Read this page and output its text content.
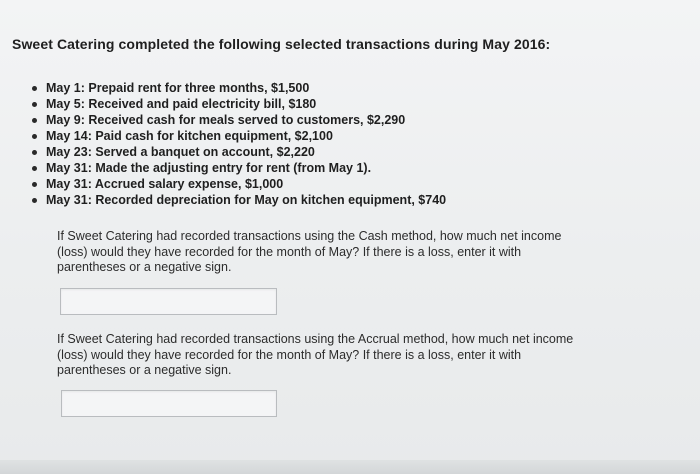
Sweet Catering completed the following selected transactions during May 2016:
May 1: Prepaid rent for three months, $1,500
May 5: Received and paid electricity bill, $180
May 9: Received cash for meals served to customers, $2,290
May 14: Paid cash for kitchen equipment, $2,100
May 23: Served a banquet on account, $2,220
May 31: Made the adjusting entry for rent (from May 1).
May 31: Accrued salary expense, $1,000
May 31: Recorded depreciation for May on kitchen equipment, $740
If Sweet Catering had recorded transactions using the Cash method, how much net income
(loss) would they have recorded for the month of May? If there is a loss, enter it with
parentheses or a negative sign.
If Sweet Catering had recorded transactions using the Accrual method, how much net income
(loss) would they have recorded for the month of May? If there is a loss, enter it with
parentheses or a negative sign.
